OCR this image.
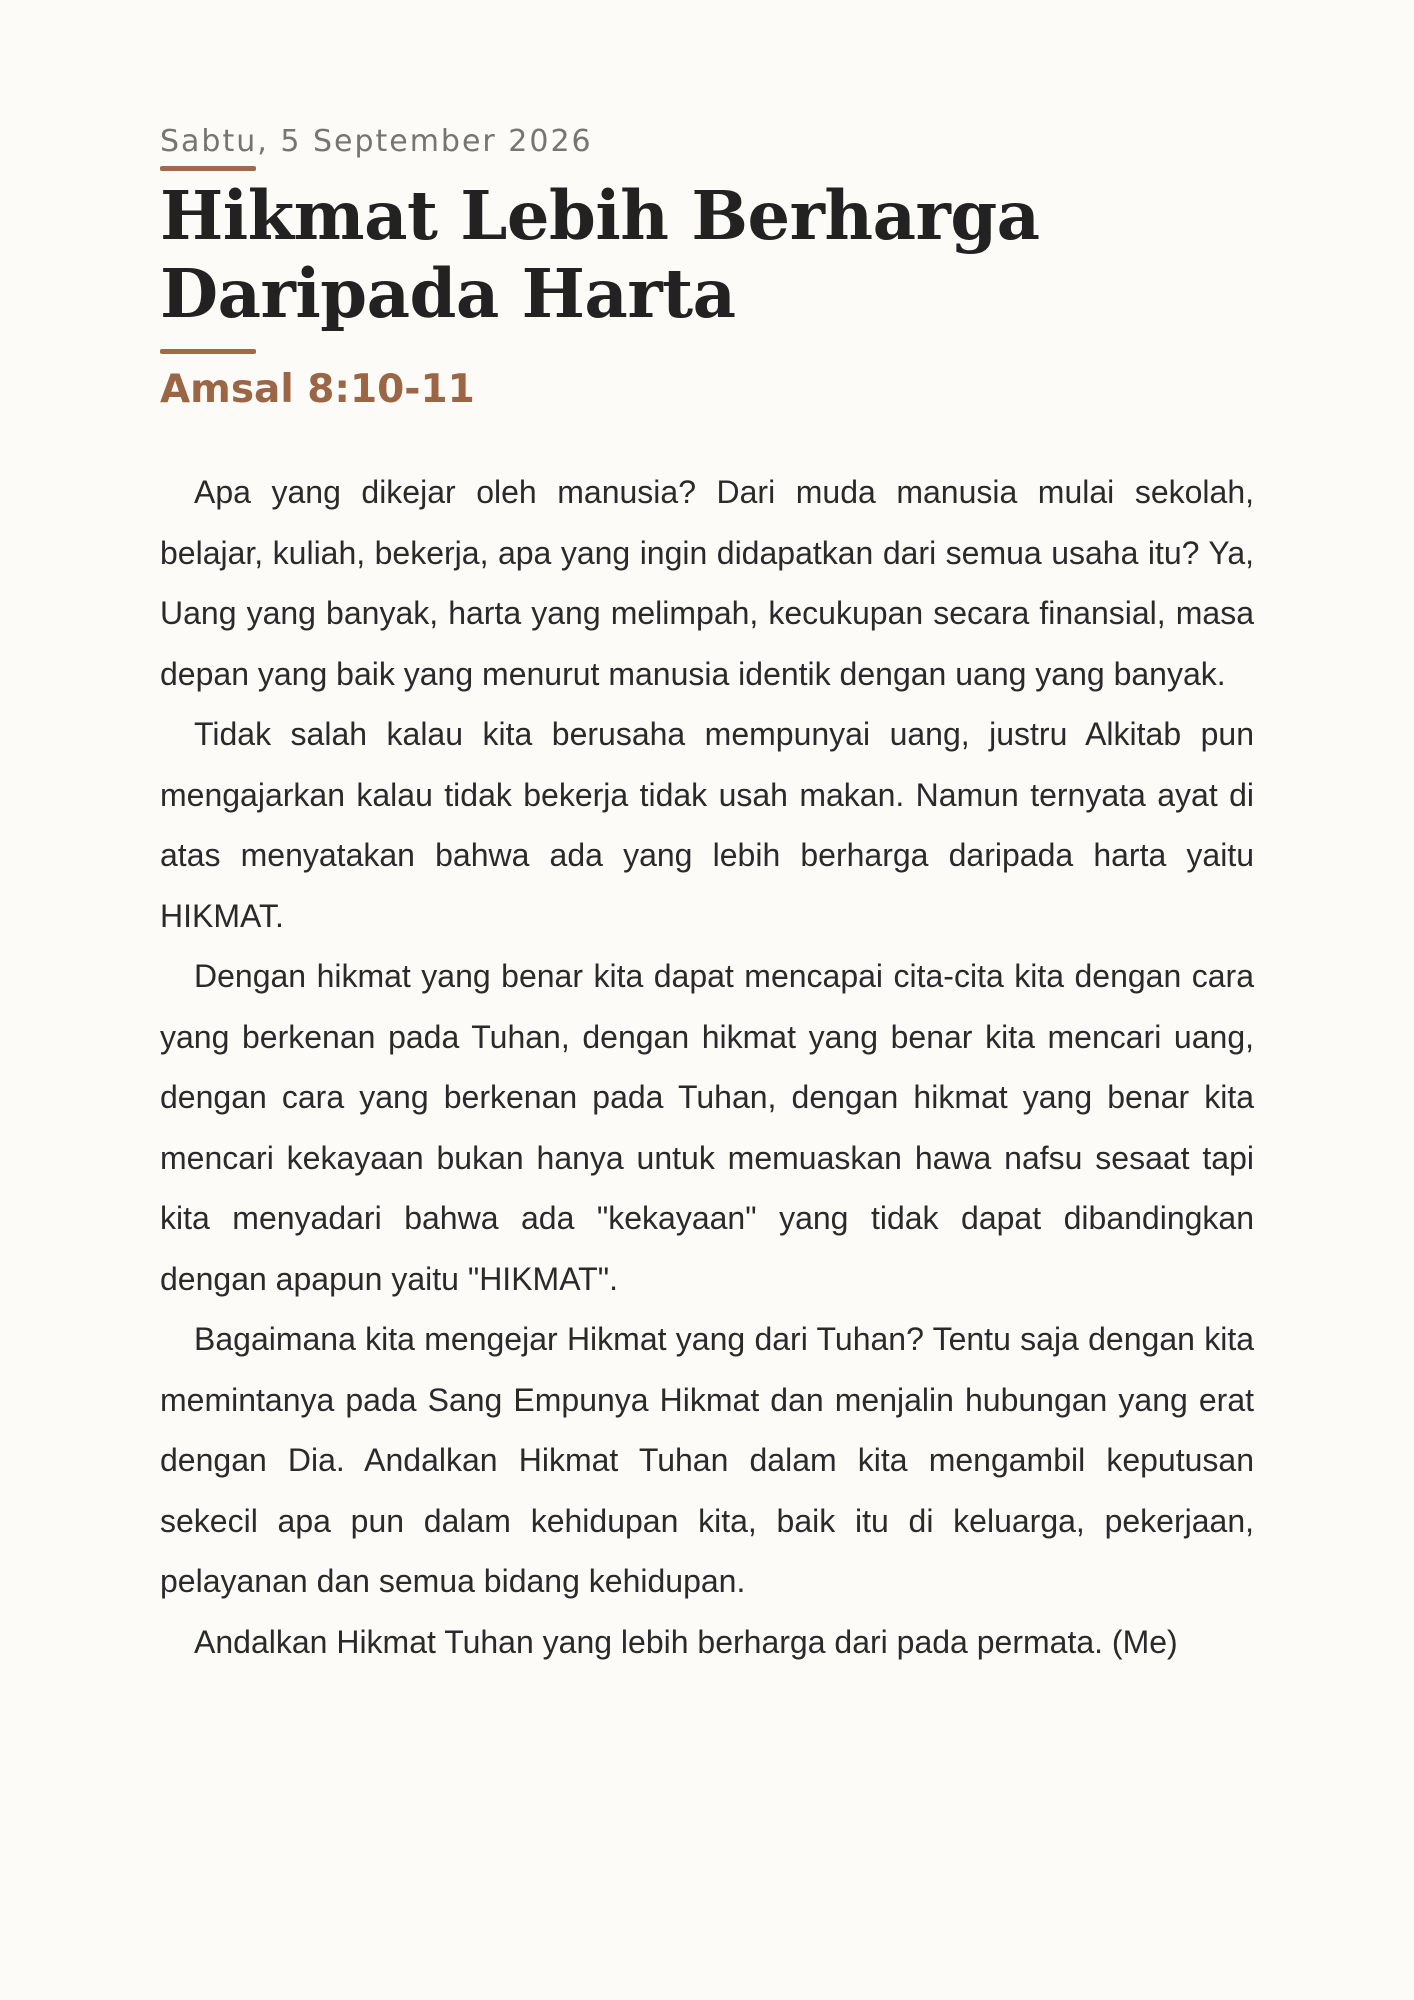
Sabtu, 5 September 2026

Hikmat Lebih Berharga Daripada Harta

Amsal 8:10-11

Apa yang dikejar oleh manusia? Dari muda manusia mulai sekolah, belajar, kuliah, bekerja, apa yang ingin didapatkan dari semua usaha itu? Ya, Uang yang banyak, harta yang melimpah, kecukupan secara finansial, masa depan yang baik yang menurut manusia identik dengan uang yang banyak.

Tidak salah kalau kita berusaha mempunyai uang, justru Alkitab pun mengajarkan kalau tidak bekerja tidak usah makan. Namun ternyata ayat di atas menyatakan bahwa ada yang lebih berharga daripada harta yaitu HIKMAT.

Dengan hikmat yang benar kita dapat mencapai cita-cita kita dengan cara yang berkenan pada Tuhan, dengan hikmat yang benar kita mencari uang, dengan cara yang berkenan pada Tuhan, dengan hikmat yang benar kita mencari kekayaan bukan hanya untuk memuaskan hawa nafsu sesaat tapi kita menyadari bahwa ada "kekayaan" yang tidak dapat dibandingkan dengan apapun yaitu "HIKMAT".

Bagaimana kita mengejar Hikmat yang dari Tuhan? Tentu saja dengan kita memintanya pada Sang Empunya Hikmat dan menjalin hubungan yang erat dengan Dia. Andalkan Hikmat Tuhan dalam kita mengambil keputusan sekecil apa pun dalam kehidupan kita, baik itu di keluarga, pekerjaan, pelayanan dan semua bidang kehidupan.

Andalkan Hikmat Tuhan yang lebih berharga dari pada permata. (Me)
